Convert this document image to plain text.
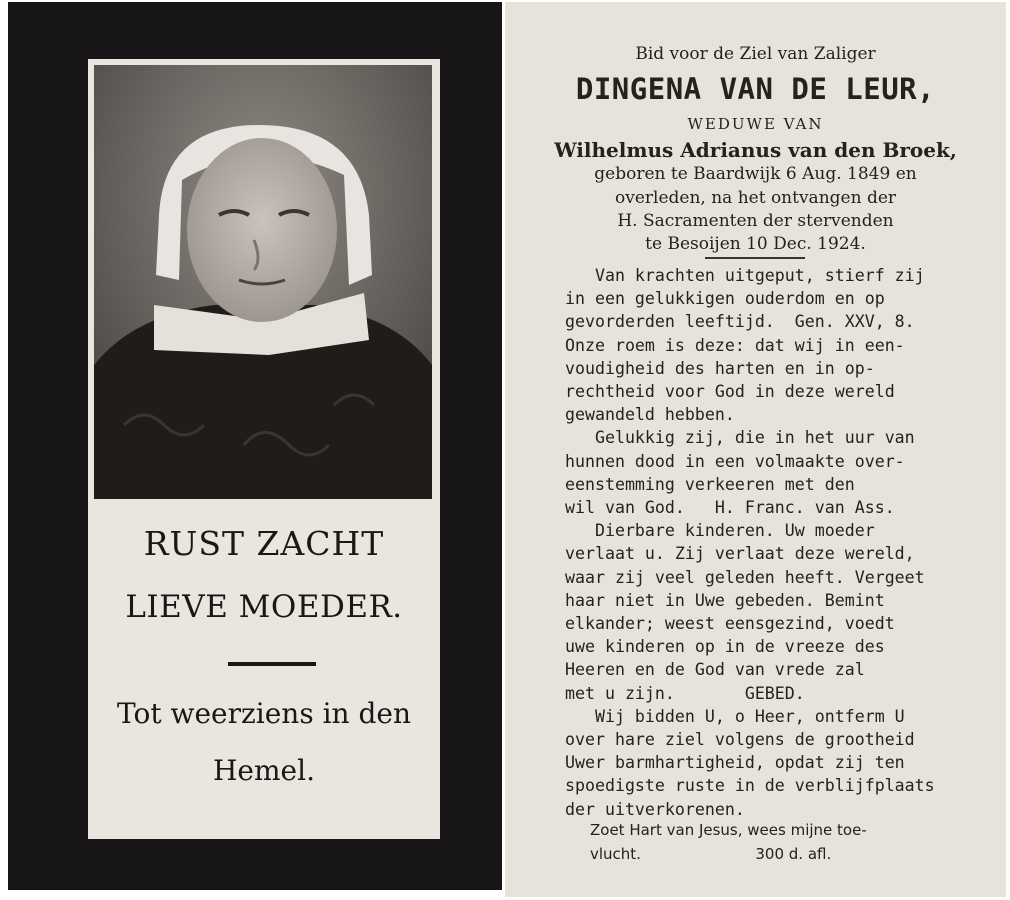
RUST ZACHT
LIEVE MOEDER.
Tot weerziens in den
Hemel.
Bid voor de Ziel van Zaliger
DINGENA VAN DE LEUR,
WEDUWE VAN
Wilhelmus Adrianus van den Broek,
geboren te Baardwijk 6 Aug. 1849 en
overleden, na het ontvangen der
H. Sacramenten der stervenden
te Besoijen 10 Dec. 1924.
Van krachten uitgeput, stierf zij
in een gelukkigen ouderdom en op
gevorderden leeftijd.  Gen. XXV, 8.
Onze roem is deze: dat wij in een-
voudigheid des harten en in op-
rechtheid voor God in deze wereld
gewandeld hebben.
Gelukkig zij, die in het uur van
hunnen dood in een volmaakte over-
eenstemming verkeeren met den
wil van God.   H. Franc. van Ass.
Dierbare kinderen. Uw moeder
verlaat u. Zij verlaat deze wereld,
waar zij veel geleden heeft. Vergeet
haar niet in Uwe gebeden. Bemint
elkander; weest eensgezind, voedt
uwe kinderen op in de vreeze des
Heeren en de God van vrede zal
met u zijn.       GEBED.
Wij bidden U, o Heer, ontferm U
over hare ziel volgens de grootheid
Uwer barmhartigheid, opdat zij ten
spoedigste ruste in de verblijfplaats
der uitverkorenen.
Zoet Hart van Jesus, wees mijne toe-
vlucht.                        300 d. afl.
